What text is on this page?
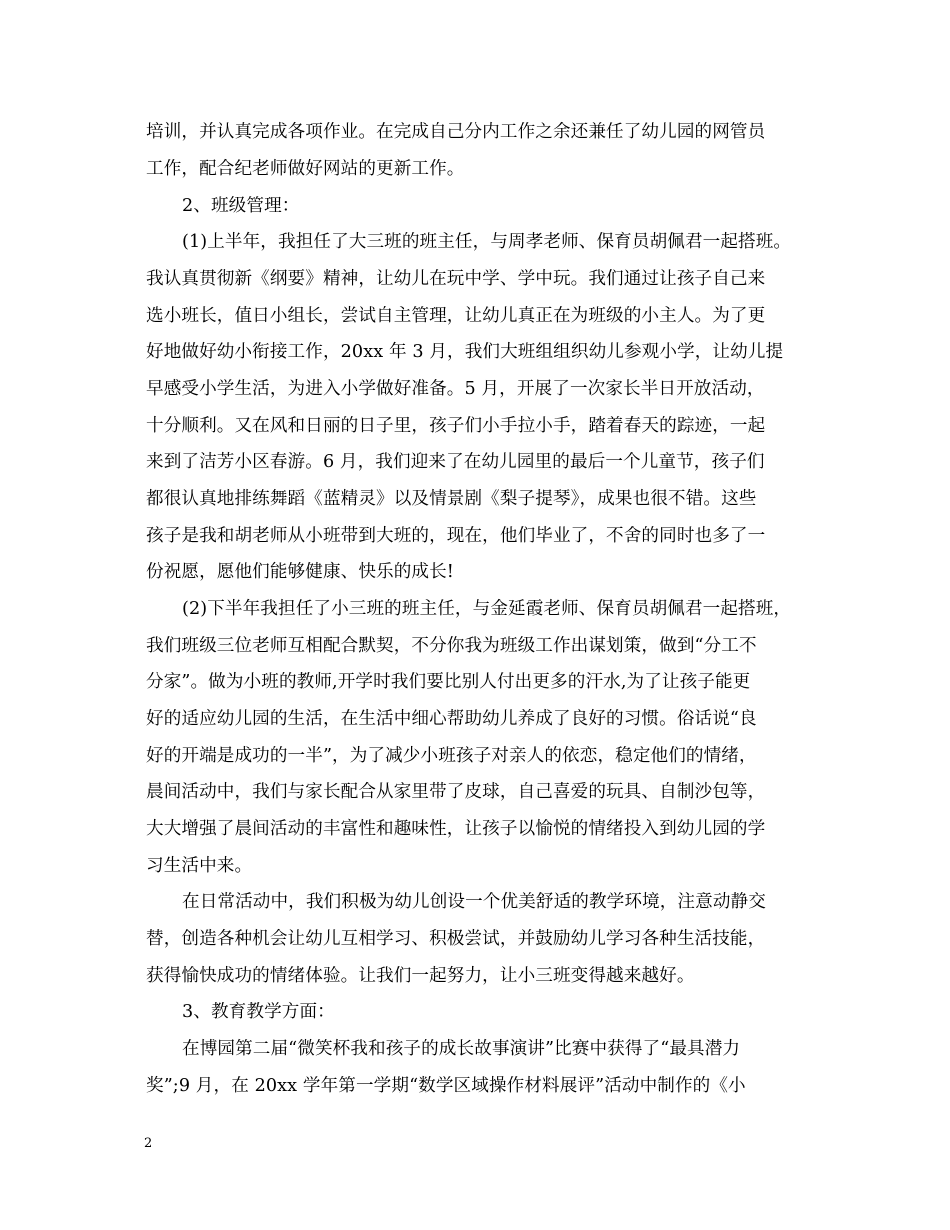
培训，并认真完成各项作业。在完成自己分内工作之余还兼任了幼儿园的网管员
工作，配合纪老师做好网站的更新工作。
2、班级管理：
(1)上半年，我担任了大三班的班主任，与周孝老师、保育员胡佩君一起搭班。
我认真贯彻新《纲要》精神，让幼儿在玩中学、学中玩。我们通过让孩子自己来
选小班长，值日小组长，尝试自主管理，让幼儿真正在为班级的小主人。为了更
好地做好幼小衔接工作，20xx 年 3 月，我们大班组组织幼儿参观小学，让幼儿提
早感受小学生活，为进入小学做好准备。5 月，开展了一次家长半日开放活动，
十分顺利。又在风和日丽的日子里，孩子们小手拉小手，踏着春天的踪迹，一起
来到了洁芳小区春游。6 月，我们迎来了在幼儿园里的最后一个儿童节，孩子们
都很认真地排练舞蹈《蓝精灵》以及情景剧《梨子提琴》，成果也很不错。这些
孩子是我和胡老师从小班带到大班的，现在，他们毕业了，不舍的同时也多了一
份祝愿，愿他们能够健康、快乐的成长!
(2)下半年我担任了小三班的班主任，与金延霞老师、保育员胡佩君一起搭班，
我们班级三位老师互相配合默契，不分你我为班级工作出谋划策，做到“分工不
分家”。做为小班的教师,开学时我们要比别人付出更多的汗水,为了让孩子能更
好的适应幼儿园的生活，在生活中细心帮助幼儿养成了良好的习惯。俗话说“良
好的开端是成功的一半”，为了减少小班孩子对亲人的依恋，稳定他们的情绪，
晨间活动中，我们与家长配合从家里带了皮球，自己喜爱的玩具、自制沙包等，
大大增强了晨间活动的丰富性和趣味性，让孩子以愉悦的情绪投入到幼儿园的学
习生活中来。
在日常活动中，我们积极为幼儿创设一个优美舒适的教学环境，注意动静交
替，创造各种机会让幼儿互相学习、积极尝试，并鼓励幼儿学习各种生活技能，
获得愉快成功的情绪体验。让我们一起努力，让小三班变得越来越好。
3、教育教学方面：
在博园第二届“微笑杯我和孩子的成长故事演讲”比赛中获得了“最具潜力
奖”;9 月，在 20xx 学年第一学期“数学区域操作材料展评”活动中制作的《小
2
